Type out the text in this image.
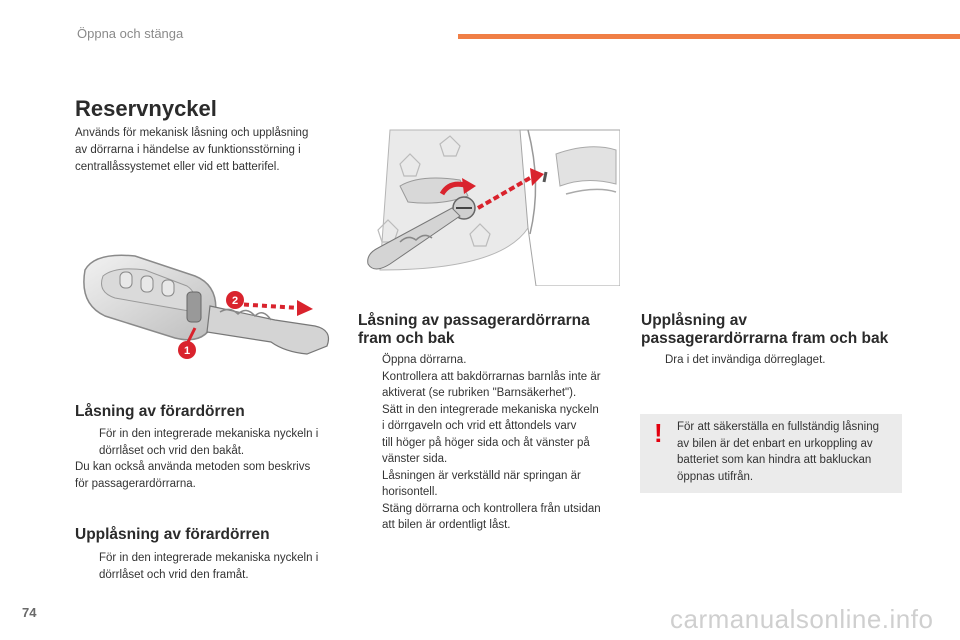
Öppna och stänga
Reservnyckel

Används för mekanisk låsning och upplåsning
av dörrarna i händelse av funktionsstörning i
centrallåssystemet eller vid ett batterifel.

2
1
Låsning av förardörren

För in den integrerade mekaniska nyckeln i dörrlåset och vrid den bakåt.

Du kan också använda metoden som beskrivs
för passagerardörrarna.

Upplåsning av förardörren

För in den integrerade mekaniska nyckeln i dörrlåset och vrid den framåt.

Låsning av passagerardörrarna
fram och bak

Öppna dörrarna.

Kontrollera att bakdörrarnas barnlås inte är
aktiverat (se rubriken "Barnsäkerhet").

Sätt in den integrerade mekaniska nyckeln
i dörrgaveln och vrid ett åttondels varv
till höger på höger sida och åt vänster på
vänster sida.
Låsningen är verkställd när springan är
horisontell.

Stäng dörrarna och kontrollera från utsidan
att bilen är ordentligt låst.

Upplåsning av
passagerardörrarna fram och bak

Dra i det invändiga dörreglaget.

! För att säkerställa en fullständig låsning
av bilen är det enbart en urkoppling av
batteriet som kan hindra att bakluckan
öppnas utifrån.

74	carmanualsonline.info
